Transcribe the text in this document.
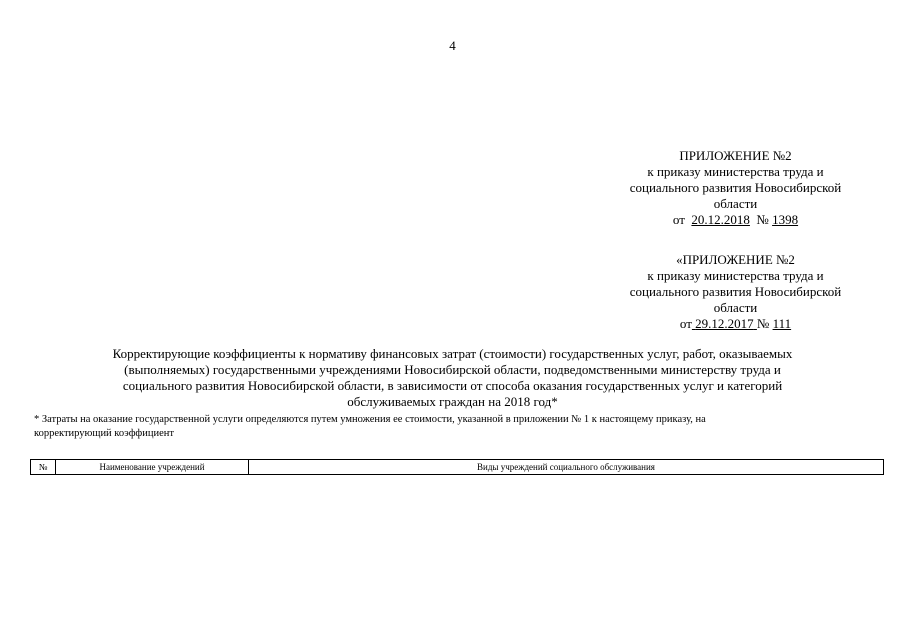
4
ПРИЛОЖЕНИЕ №2
к приказу министерства труда и
социального развития Новосибирской
области
от 20.12.2018 № 1398
«ПРИЛОЖЕНИЕ №2
к приказу министерства труда и
социального развития Новосибирской
области
от 29.12.2017 № 111
Корректирующие коэффициенты к нормативу финансовых затрат (стоимости) государственных услуг, работ, оказываемых
(выполняемых) государственными учреждениями Новосибирской области, подведомственными министерству труда и
социального развития Новосибирской области, в зависимости от способа оказания государственных услуг и категорий
обслуживаемых граждан на 2018 год*
* Затраты на оказание государственной услуги определяются путем умножения ее стоимости, указанной в приложении № 1 к настоящему приказу, на
корректирующий коэффициент
№	Наименование учреждений	Виды учреждений социального обслуживания
